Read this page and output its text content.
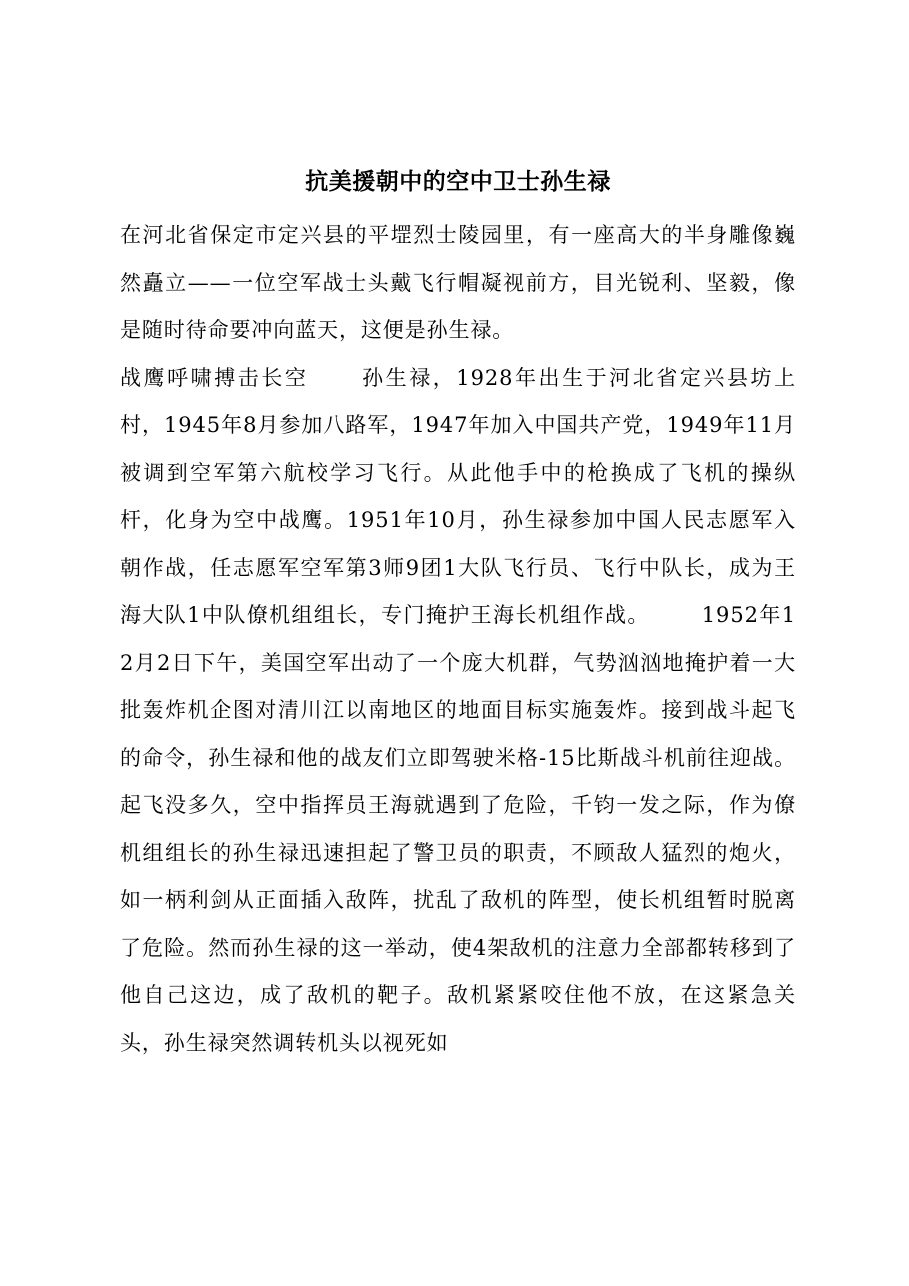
抗美援朝中的空中卫士孙生禄

在河北省保定市定兴县的平堽烈士陵园里，有一座高大的半身雕像巍然矗立——一位空军战士头戴飞行帽凝视前方，目光锐利、坚毅，像是随时待命要冲向蓝天，这便是孙生禄。

战鹰呼啸搏击长空 孙生禄，1928年出生于河北省定兴县坊上村，1945年8月参加八路军，1947年加入中国共产党，1949年11月被调到空军第六航校学习飞行。从此他手中的枪换成了飞机的操纵杆，化身为空中战鹰。1951年10月，孙生禄参加中国人民志愿军入朝作战，任志愿军空军第3师9团1大队飞行员、飞行中队长，成为王海大队1中队僚机组组长，专门掩护王海长机组作战。 1952年12月2日下午，美国空军出动了一个庞大机群，气势汹汹地掩护着一大批轰炸机企图对清川江以南地区的地面目标实施轰炸。接到战斗起飞的命令，孙生禄和他的战友们立即驾驶米格-15比斯战斗机前往迎战。起飞没多久，空中指挥员王海就遇到了危险，千钧一发之际，作为僚机组组长的孙生禄迅速担起了警卫员的职责，不顾敌人猛烈的炮火，如一柄利剑从正面插入敌阵，扰乱了敌机的阵型，使长机组暂时脱离了危险。然而孙生禄的这一举动，使4架敌机的注意力全部都转移到了他自己这边，成了敌机的靶子。敌机紧紧咬住他不放，在这紧急关头，孙生禄突然调转机头以视死如
